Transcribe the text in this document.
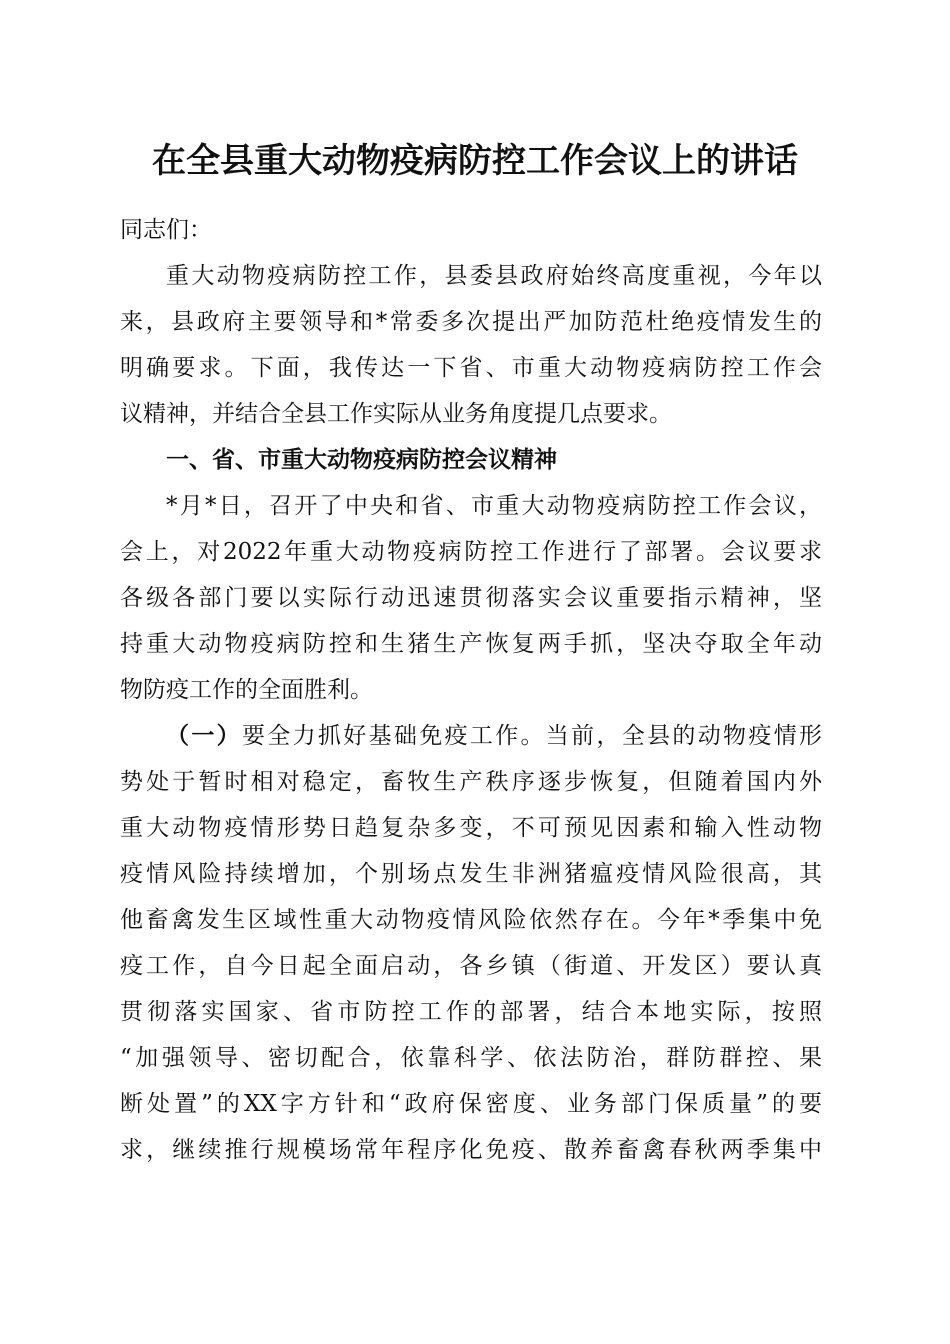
在全县重大动物疫病防控工作会议上的讲话
同志们：
重大动物疫病防控工作，县委县政府始终高度重视，今年以
来，县政府主要领导和*常委多次提出严加防范杜绝疫情发生的
明确要求。下面，我传达一下省、市重大动物疫病防控工作会
议精神，并结合全县工作实际从业务角度提几点要求。
一、省、市重大动物疫病防控会议精神
*月*日，召开了中央和省、市重大动物疫病防控工作会议，
会上，对2022年重大动物疫病防控工作进行了部署。会议要求
各级各部门要以实际行动迅速贯彻落实会议重要指示精神，坚
持重大动物疫病防控和生猪生产恢复两手抓，坚决夺取全年动
物防疫工作的全面胜利。
（一）要全力抓好基础免疫工作。当前，全县的动物疫情形
势处于暂时相对稳定，畜牧生产秩序逐步恢复，但随着国内外
重大动物疫情形势日趋复杂多变，不可预见因素和输入性动物
疫情风险持续增加，个别场点发生非洲猪瘟疫情风险很高，其
他畜禽发生区域性重大动物疫情风险依然存在。今年*季集中免
疫工作，自今日起全面启动，各乡镇（街道、开发区）要认真
贯彻落实国家、省市防控工作的部署，结合本地实际，按照
“加强领导、密切配合，依靠科学、依法防治，群防群控、果
断处置”的XX字方针和“政府保密度、业务部门保质量”的要
求，继续推行规模场常年程序化免疫、散养畜禽春秋两季集中
